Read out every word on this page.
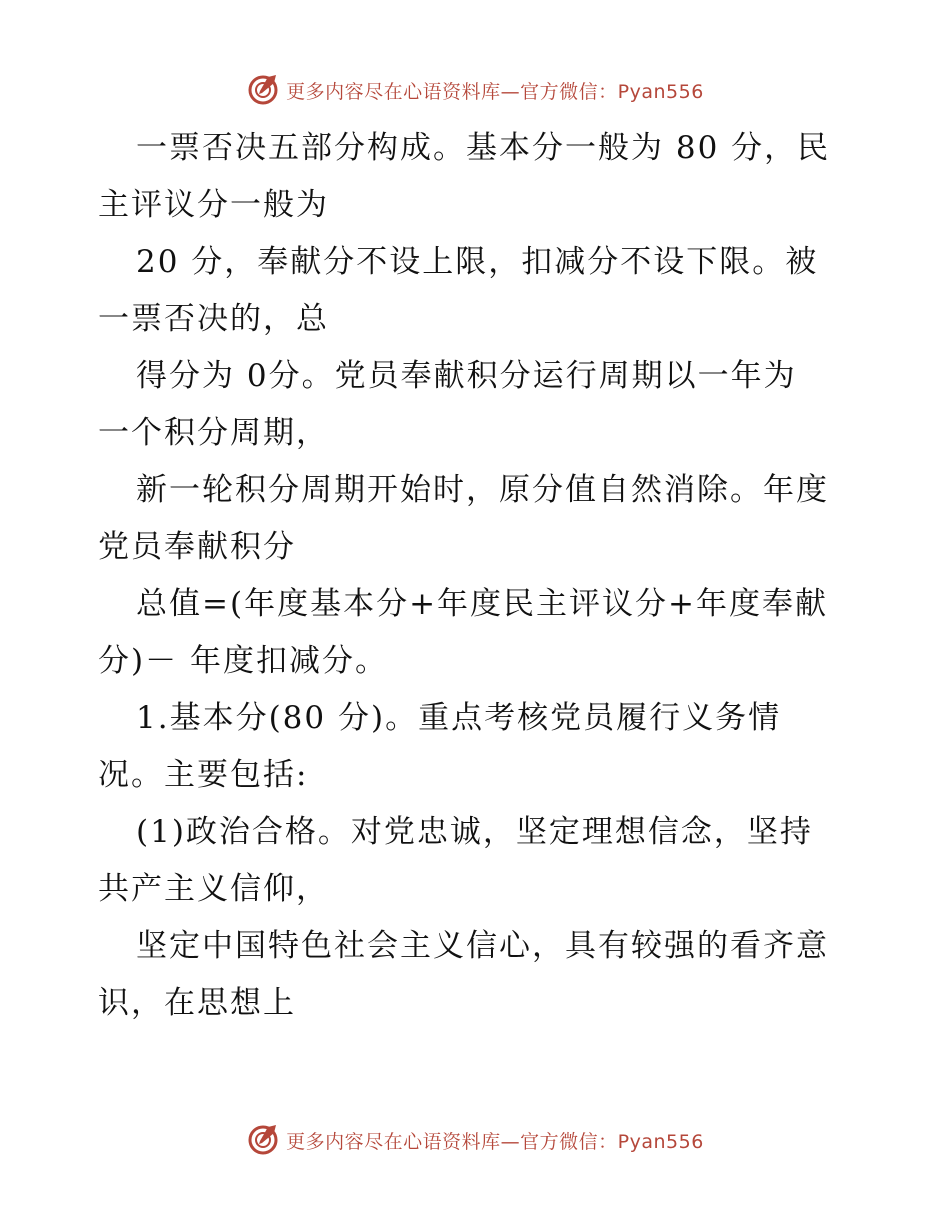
更多内容尽在心语资料库—官方微信：Pyan556
一票否决五部分构成。基本分一般为 80 分，民
主评议分一般为
20 分，奉献分不设上限，扣减分不设下限。被
一票否决的，总
得分为 0分。党员奉献积分运行周期以一年为
一个积分周期，
新一轮积分周期开始时，原分值自然消除。年度
党员奉献积分
总值=(年度基本分+年度民主评议分+年度奉献
分)－ 年度扣减分。
1.基本分(80 分)。重点考核党员履行义务情
况。主要包括:
(1)政治合格。对党忠诚，坚定理想信念，坚持
共产主义信仰，
坚定中国特色社会主义信心，具有较强的看齐意
识，在思想上
更多内容尽在心语资料库—官方微信：Pyan556
